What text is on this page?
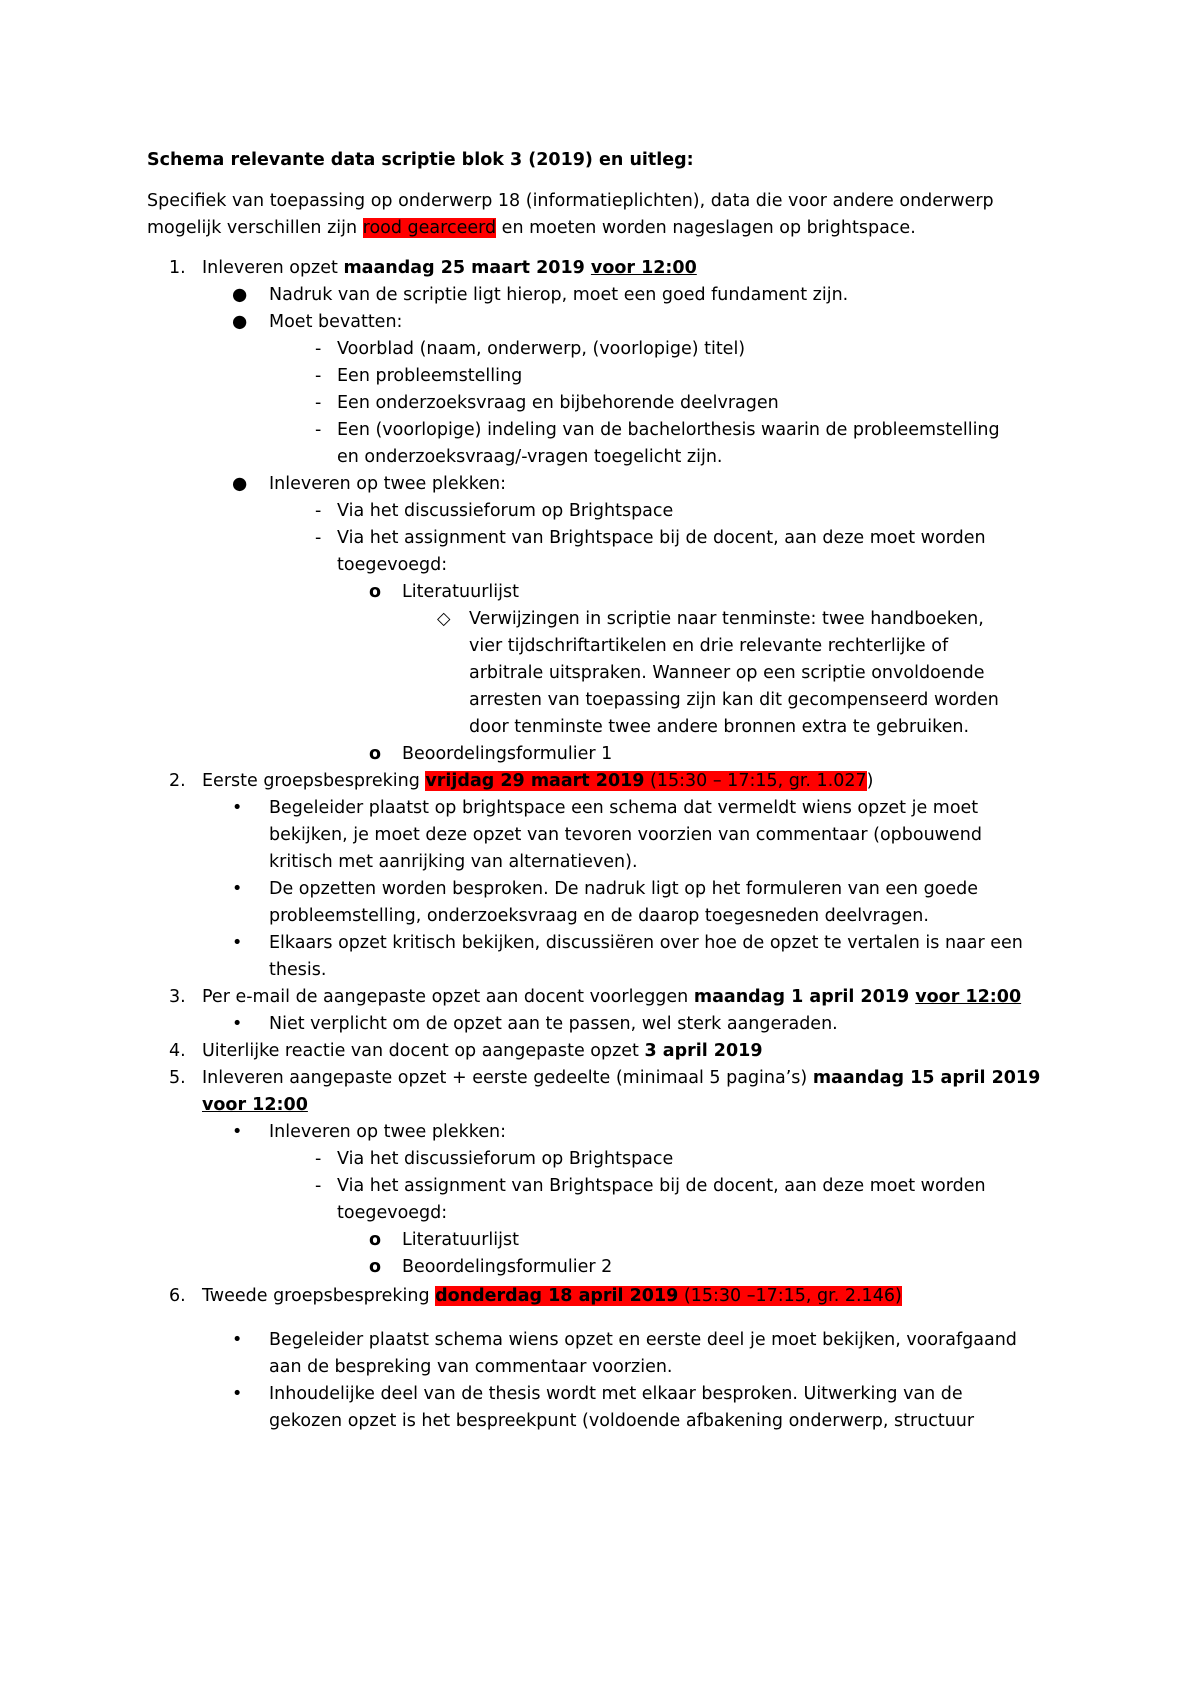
Schema relevante data scriptie blok 3 (2019) en uitleg:
Specifiek van toepassing op onderwerp 18 (informatieplichten), data die voor andere onderwerp
mogelijk verschillen zijn rood gearceerd en moeten worden nageslagen op brightspace.
1. Inleveren opzet maandag 25 maart 2019 voor 12:00
● Nadruk van de scriptie ligt hierop, moet een goed fundament zijn.
● Moet bevatten:
- Voorblad (naam, onderwerp, (voorlopige) titel)
- Een probleemstelling
- Een onderzoeksvraag en bijbehorende deelvragen
- Een (voorlopige) indeling van de bachelorthesis waarin de probleemstelling
en onderzoeksvraag/-vragen toegelicht zijn.
● Inleveren op twee plekken:
- Via het discussieforum op Brightspace
- Via het assignment van Brightspace bij de docent, aan deze moet worden
toegevoegd:
o Literatuurlijst
◇ Verwijzingen in scriptie naar tenminste: twee handboeken,
vier tijdschriftartikelen en drie relevante rechterlijke of
arbitrale uitspraken. Wanneer op een scriptie onvoldoende
arresten van toepassing zijn kan dit gecompenseerd worden
door tenminste twee andere bronnen extra te gebruiken.
o Beoordelingsformulier 1
2. Eerste groepsbespreking vrijdag 29 maart 2019 (15:30 – 17:15, gr. 1.027)
• Begeleider plaatst op brightspace een schema dat vermeldt wiens opzet je moet
bekijken, je moet deze opzet van tevoren voorzien van commentaar (opbouwend
kritisch met aanrijking van alternatieven).
• De opzetten worden besproken. De nadruk ligt op het formuleren van een goede
probleemstelling, onderzoeksvraag en de daarop toegesneden deelvragen.
• Elkaars opzet kritisch bekijken, discussiëren over hoe de opzet te vertalen is naar een
thesis.
3. Per e-mail de aangepaste opzet aan docent voorleggen maandag 1 april 2019 voor 12:00
• Niet verplicht om de opzet aan te passen, wel sterk aangeraden.
4. Uiterlijke reactie van docent op aangepaste opzet 3 april 2019
5. Inleveren aangepaste opzet + eerste gedeelte (minimaal 5 pagina’s) maandag 15 april 2019
voor 12:00
• Inleveren op twee plekken:
- Via het discussieforum op Brightspace
- Via het assignment van Brightspace bij de docent, aan deze moet worden
toegevoegd:
o Literatuurlijst
o Beoordelingsformulier 2
6. Tweede groepsbespreking donderdag 18 april 2019 (15:30 –17:15, gr. 2.146)
• Begeleider plaatst schema wiens opzet en eerste deel je moet bekijken, voorafgaand
aan de bespreking van commentaar voorzien.
• Inhoudelijke deel van de thesis wordt met elkaar besproken. Uitwerking van de
gekozen opzet is het bespreekpunt (voldoende afbakening onderwerp, structuur
